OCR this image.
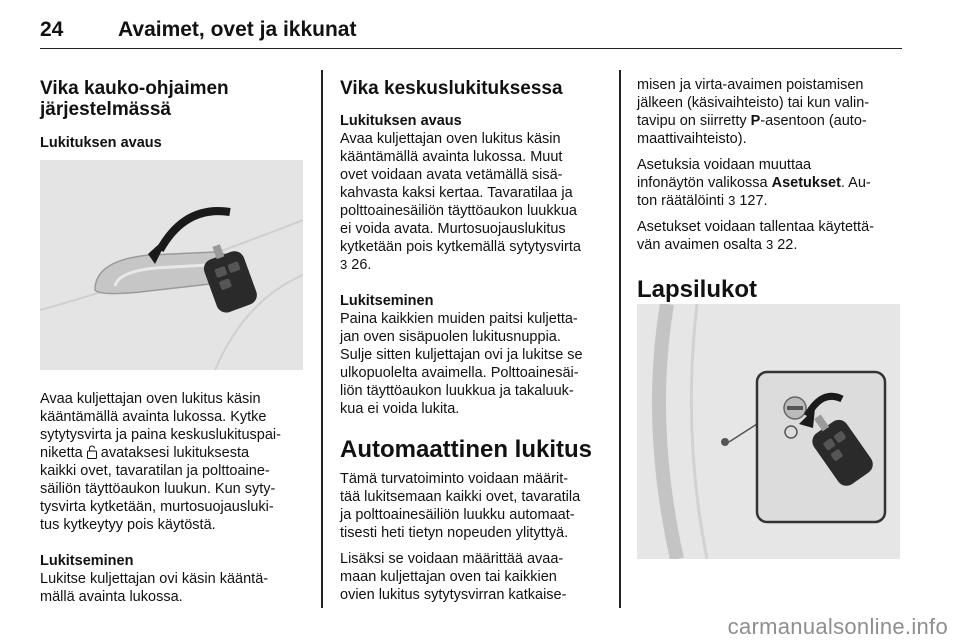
24	Avaimet, ovet ja ikkunat
Vika kauko-ohjaimen
järjestelmässä
Lukituksen avaus

Avaa kuljettajan oven lukitus käsin
kääntämällä avainta lukossa. Kytke
sytytysvirta ja paina keskuslukituspai-
niketta avataksesi lukituksesta
kaikki ovet, tavaratilan ja polttoaine-
säiliön täyttöaukon luukun. Kun syty-
tysvirta kytketään, murtosuojausluki-
tus kytkeytyy pois käytöstä.

Lukitseminen

Lukitse kuljettajan ovi käsin kääntä-
mällä avainta lukossa.

Vika keskuslukituksessa
Lukituksen avaus

Avaa kuljettajan oven lukitus käsin
kääntämällä avainta lukossa. Muut
ovet voidaan avata vetämällä sisä-
kahvasta kaksi kertaa. Tavaratilaa ja
polttoainesäiliön täyttöaukon luukkua
ei voida avata. Murtosuojauslukitus
kytketään pois kytkemällä sytytysvirta
3 26.

Lukitseminen

Paina kaikkien muiden paitsi kuljetta-
jan oven sisäpuolen lukitusnuppia.
Sulje sitten kuljettajan ovi ja lukitse se
ulkopuolelta avaimella. Polttoainesäi-
liön täyttöaukon luukkua ja takaluuk-
kua ei voida lukita.

Automaattinen lukitus

Tämä turvatoiminto voidaan määrit-
tää lukitsemaan kaikki ovet, tavaratila
ja polttoainesäiliön luukku automaat-
tisesti heti tietyn nopeuden ylityttyä.

Lisäksi se voidaan määrittää avaa-
maan kuljettajan oven tai kaikkien
ovien lukitus sytytysvirran katkaise-

misen ja virta-avaimen poistamisen
jälkeen (käsivaihteisto) tai kun valin-
tavipu on siirretty P-asentoon (auto-
maattivaihteisto).

Asetuksia voidaan muuttaa
infonäytön valikossa Asetukset. Au-
ton räätälöinti 3 127.

Asetukset voidaan tallentaa käytettä-
vän avaimen osalta 3 22.

Lapsilukot
carmanualsonline.info
